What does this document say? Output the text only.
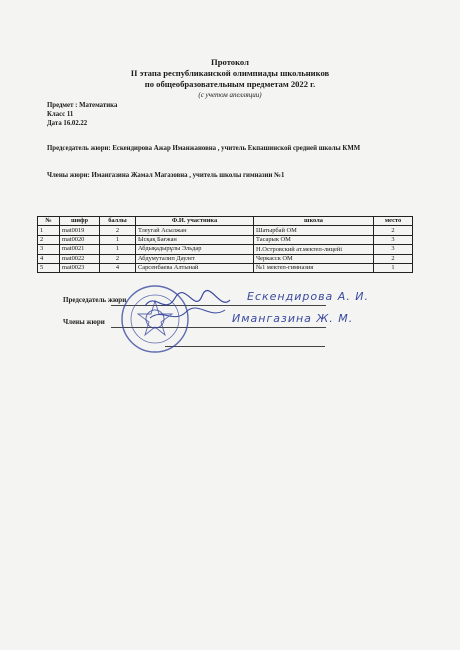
Протокол
II этапа республиканской олимпиады школьников
по общеобразовательным предметам 2022 г.
(с учетом апелляции)
Предмет : Математика
Класс 11
Дата 16.02.22
Председатель жюри: Ескендирова Ажар Иманжановна , учитель Екпашинской средней школы КММ
Члены жюри: Имангазина Жамал Магазовна , учитель школы гимназии №1
№	шифр	баллы	Ф.И. участника	школа	место
1	mat0019	2	Тлеугай Асылжан	Шатырбай ОМ	2
2	mat0020	1	Ысқақ Бағжан	Тасарык ОМ	3
3	mat0021	1	Абдықадырұлы Эльдар	Н.Островский ат.мектеп-лицейі	3
4	mat0022	2	Абдумуталип Даулет	Черкасск ОМ	2
5	mat0023	4	Сарсенбаева Алтынай	№1 мектеп-гимназия	1
Председатель жюри
Члены жюри
Ескендирова А. И.
Имангазина Ж. М.
